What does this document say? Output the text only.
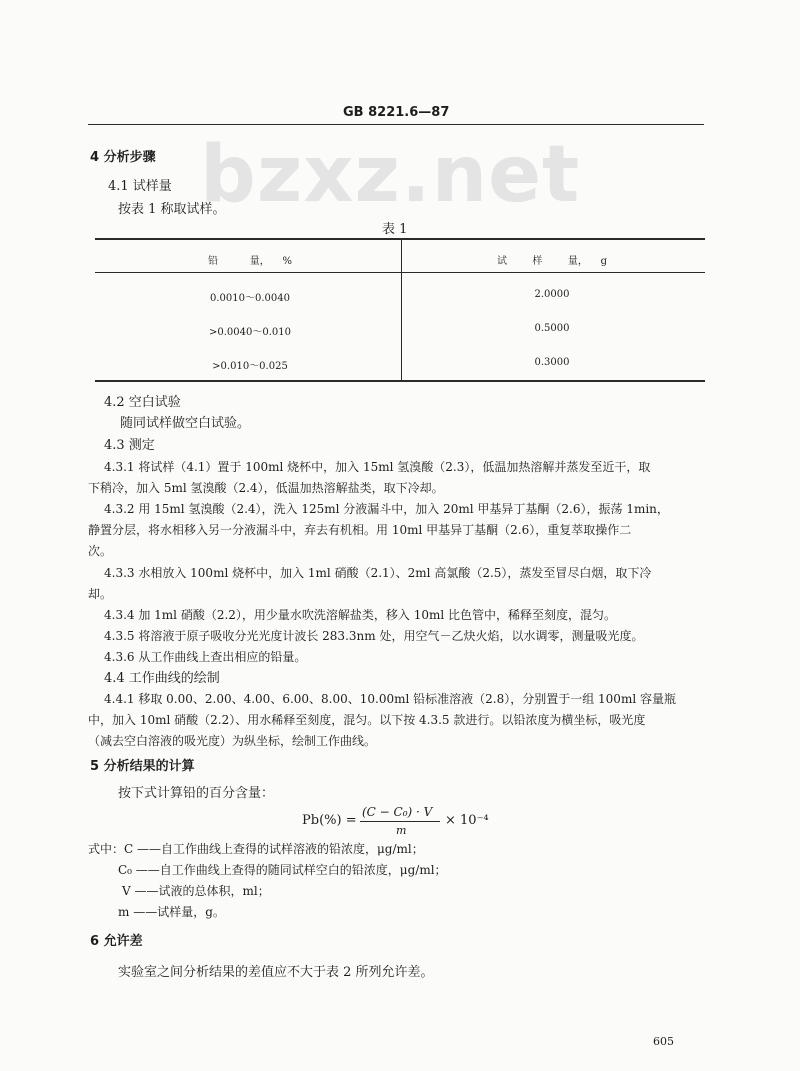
bzxz.net
GB 8221.6—87
4 分析步骤
4.1 试样量
按表 1 称取试样。
表 1
铅          量，    %	试        样        量，    g
0.0010～0.0040	2.0000
>0.0040～0.010	0.5000
>0.010～0.025	0.3000
4.2 空白试验
随同试样做空白试验。
4.3 测定
4.3.1 将试样（4.1）置于 100ml 烧杯中，加入 15ml 氢溴酸（2.3），低温加热溶解并蒸发至近干，取
下稍冷，加入 5ml 氢溴酸（2.4），低温加热溶解盐类，取下冷却。
4.3.2 用 15ml 氢溴酸（2.4），洗入 125ml 分液漏斗中，加入 20ml 甲基异丁基酮（2.6），振荡 1min，
静置分层，将水相移入另一分液漏斗中，弃去有机相。用 10ml 甲基异丁基酮（2.6），重复萃取操作二
次。
4.3.3 水相放入 100ml 烧杯中，加入 1ml 硝酸（2.1）、2ml 高氯酸（2.5），蒸发至冒尽白烟，取下冷
却。
4.3.4 加 1ml 硝酸（2.2），用少量水吹洗溶解盐类，移入 10ml 比色管中，稀释至刻度，混匀。
4.3.5 将溶液于原子吸收分光光度计波长 283.3nm 处，用空气－乙炔火焰，以水调零，测量吸光度。
4.3.6 从工作曲线上查出相应的铅量。
4.4 工作曲线的绘制
4.4.1 移取 0.00、2.00、4.00、6.00、8.00、10.00ml 铅标准溶液（2.8），分别置于一组 100ml 容量瓶
中，加入 10ml 硝酸（2.2）、用水稀释至刻度，混匀。以下按 4.3.5 款进行。以铅浓度为横坐标，吸光度
（减去空白溶液的吸光度）为纵坐标，绘制工作曲线。
5 分析结果的计算
按下式计算铅的百分含量：
Pb(%) =
(C − C₀) · V
m
× 10⁻⁴
式中：C ——自工作曲线上查得的试样溶液的铅浓度，μg/ml；
C₀ ——自工作曲线上查得的随同试样空白的铅浓度，μg/ml；
V ——试液的总体积，ml；
m ——试样量，g。
6 允许差
实验室之间分析结果的差值应不大于表 2 所列允许差。
605
